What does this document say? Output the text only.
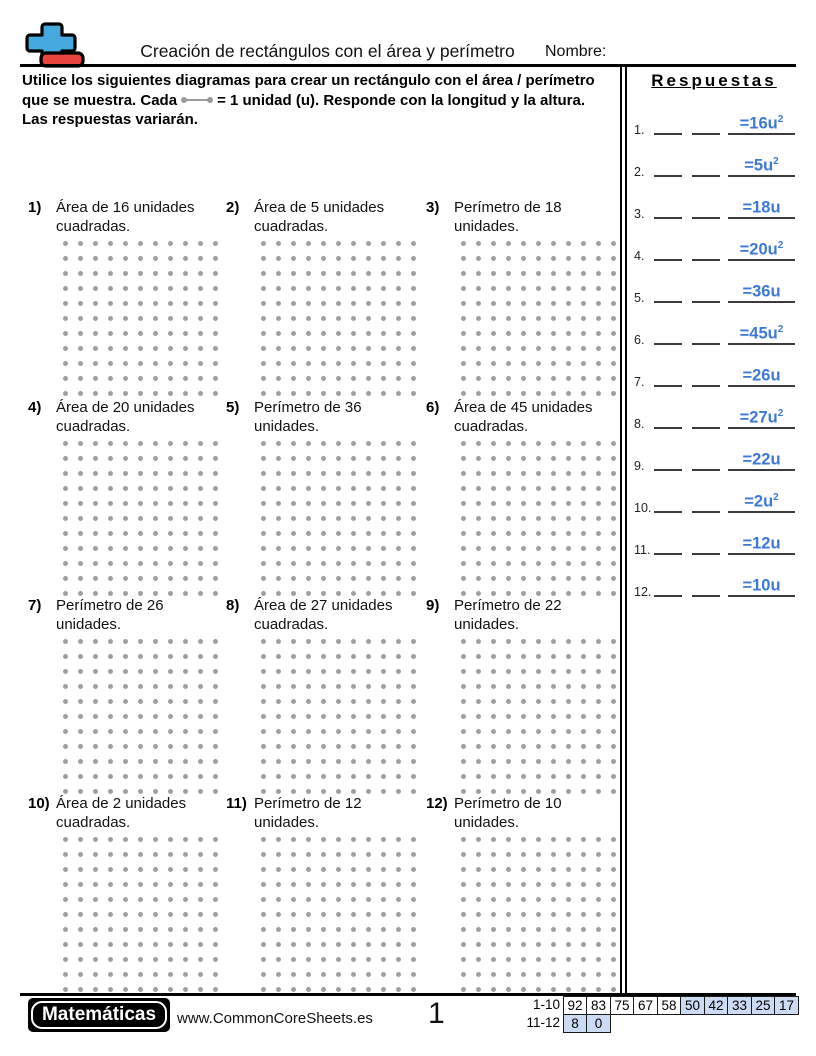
Creación de rectángulos con el área y perímetro	Nombre:
Utilice los siguientes diagramas para crear un rectángulo con el área / perímetro
que se muestra. Cada	= 1 unidad (u). Responde con la longitud y la altura.
Las respuestas variarán.
Respuestas
1.	$=16u^2$
2.	$=5u^2$
3.	=18u
4.	$=20u^2$
5.	=36u
6.	$=45u^2$
7.	=26u
8.	$=27u^2$
9.	=22u
10.	$=2u^2$
11.	=12u
12.	=10u
1) Área de 16 unidades cuadradas.
2) Área de 5 unidades cuadradas.
3) Perímetro de 18 unidades.
4) Área de 20 unidades cuadradas.
5) Perímetro de 36 unidades.
6) Área de 45 unidades cuadradas.
7) Perímetro de 26 unidades.
8) Área de 27 unidades cuadradas.
9) Perímetro de 22 unidades.
10) Área de 2 unidades cuadradas.
11) Perímetro de 12 unidades.
12) Perímetro de 10 unidades.
Matemáticas	www.CommonCoreSheets.es 1	1-10 92 83 75 67 58 50 42 33 25 17
11-12 8	0
